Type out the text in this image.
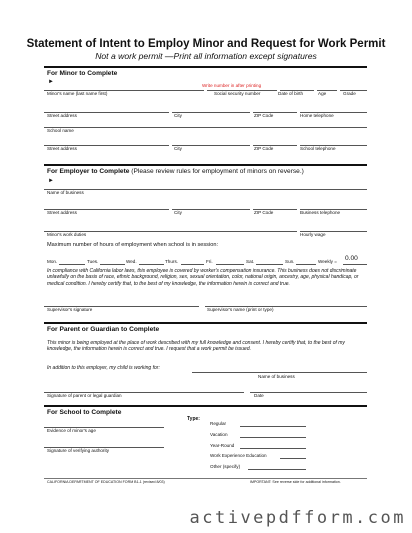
Statement of Intent to Employ Minor and Request for Work Permit
Not a work permit —Print all information except signatures
For Minor to Complete
►
Write number in after printing
Minor's name (last name first)	Social security number	Date of birth	Age	Grade
Street address	City	ZIP Code	Home telephone
School name
Street address	City	ZIP Code	School telephone
For Employer to Complete (Please review rules for employment of minors on reverse.)
►
Name of business
Street address	City	ZIP Code	Business telephone
Minor's work duties	Hourly wage
Maximum number of hours of employment when school is in session:
Mon.	Tues.	Wed.	Thurs.	Fri.	Sat.	Sun.	Weekly = 0.00
In compliance with California labor laws, this employee is covered by worker's compensation insurance. This business does not discriminate unlawfully on the basis of race, ethnic background, religion, sex, sexual orientation, color, national origin, ancestry, age, physical handicap, or medical condition. I hereby certify that, to the best of my knowledge, the information herein is correct and true.
Supervisor's signature	Supervisor's name (print or type)
For Parent or Guardian to Complete
This minor is being employed at the place of work described with my full knowledge and consent. I hereby certify that, to the best of my knowledge, the information herein is correct and true. I request that a work permit be issued.
In addition to this employer, my child is working for:
Name of business
Signature of parent or legal guardian	Date
For School to Complete
Type:
Evidence of minor's age
Signature of verifying authority
Regular
Vacation
Year-Round
Work Experience Education
Other (specify)
CALIFORNIA DEPARTMENT OF EDUCATION FORM B1-1 (revised 8/03)	IMPORTANT: See reverse side for additional information.
activepdfform.com
